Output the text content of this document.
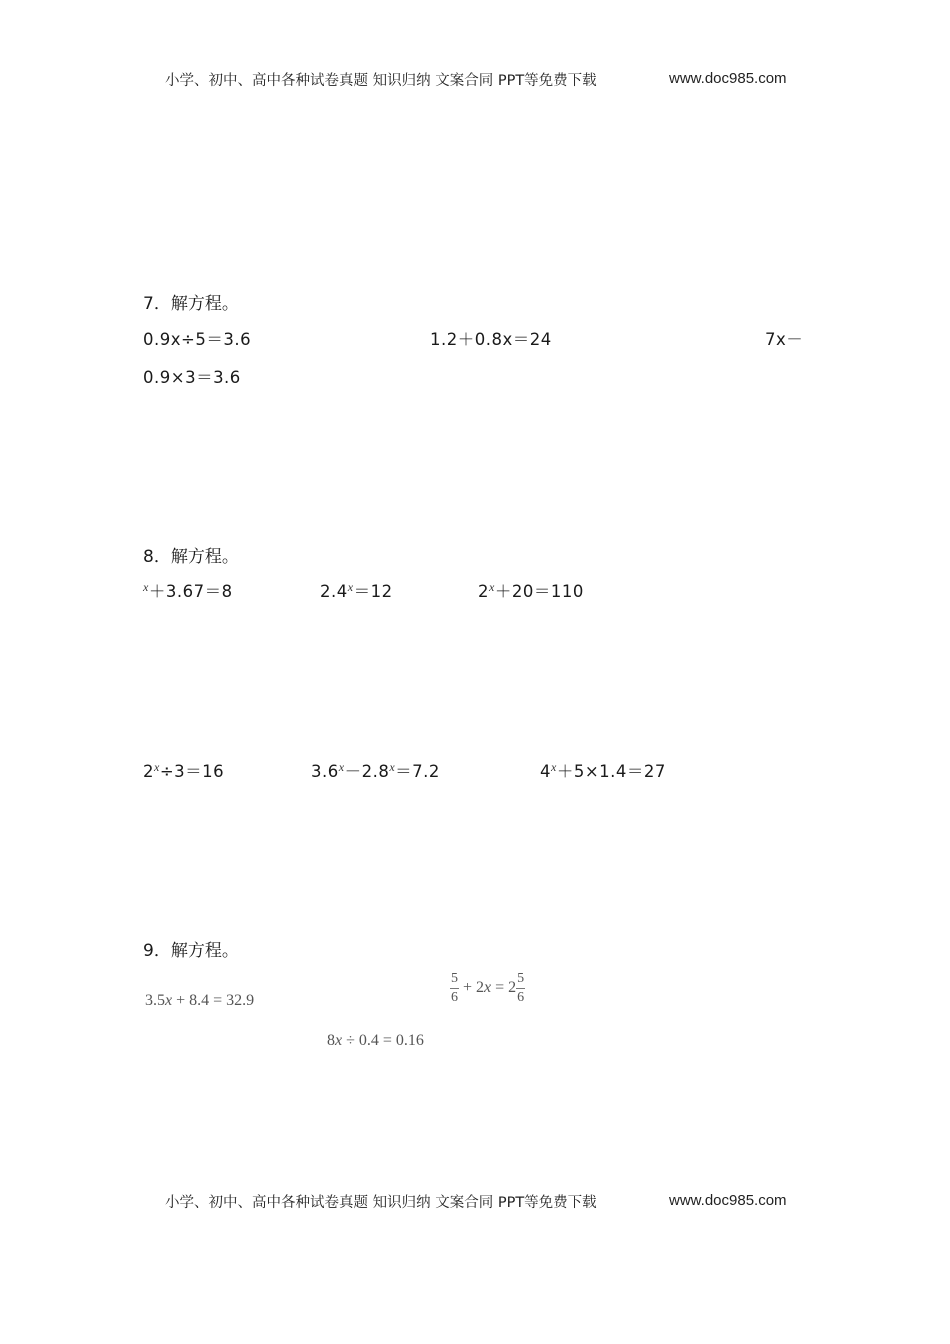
小学、初中、高中各种试卷真题 知识归纳 文案合同 PPT等免费下载	www.doc985.com
7．解方程。
0.9x÷5＝3.6	1.2＋0.8x＝24	7x－
0.9×3＝3.6
8．解方程。
$^x$＋3.67＝8	$2.4^x=12$	$2^x+20=110$
$2^x\div 3=16$	$3.6^x-2.8^x=7.2$	$4^x+5\times 1.4=27$
9．解方程。
3.5x + 8.4 = 32.9	$\frac{5}{6} + 2x = 2 \frac{5}{6}$
8x ÷ 0.4 = 0.16
小学、初中、高中各种试卷真题 知识归纳 文案合同 PPT等免费下载	www.doc985.com
